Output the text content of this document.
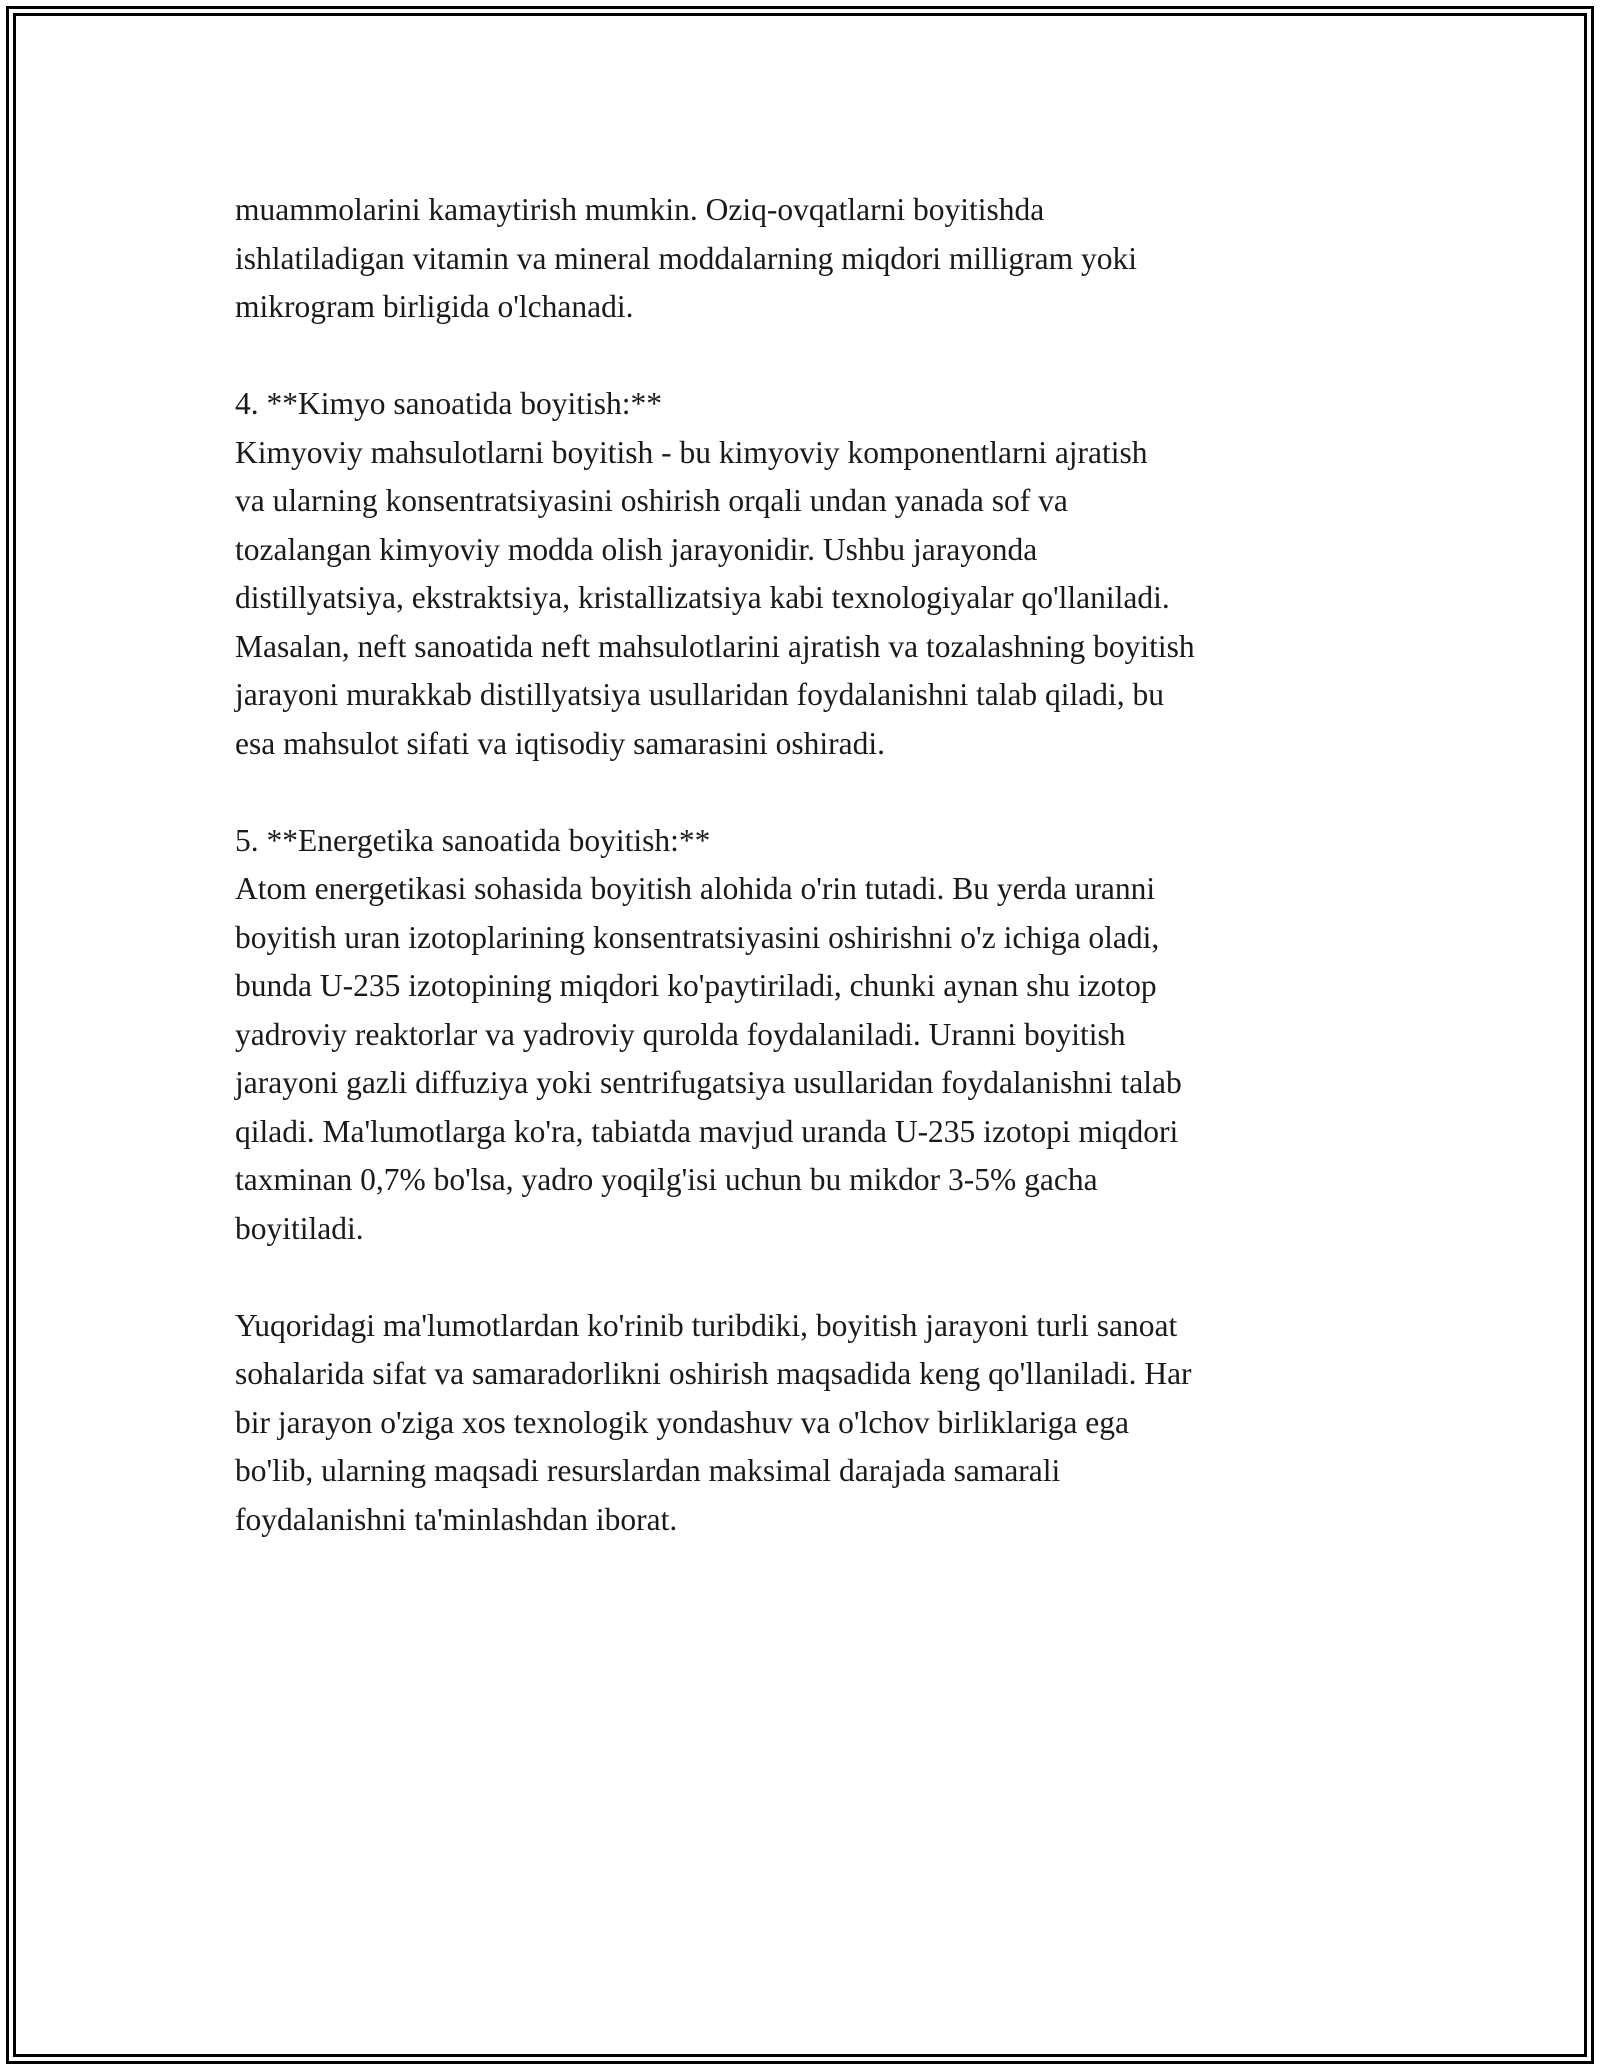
muammolarini kamaytirish mumkin. Oziq-ovqatlarni boyitishda
ishlatiladigan vitamin va mineral moddalarning miqdori milligram yoki
mikrogram birligida o'lchanadi.

4. **Kimyo sanoatida boyitish:**

Kimyoviy mahsulotlarni boyitish - bu kimyoviy komponentlarni ajratish
va ularning konsentratsiyasini oshirish orqali undan yanada sof va
tozalangan kimyoviy modda olish jarayonidir. Ushbu jarayonda
distillyatsiya, ekstraktsiya, kristallizatsiya kabi texnologiyalar qo'llaniladi.
Masalan, neft sanoatida neft mahsulotlarini ajratish va tozalashning boyitish
jarayoni murakkab distillyatsiya usullaridan foydalanishni talab qiladi, bu
esa mahsulot sifati va iqtisodiy samarasini oshiradi.

5. **Energetika sanoatida boyitish:**

Atom energetikasi sohasida boyitish alohida o'rin tutadi. Bu yerda uranni
boyitish uran izotoplarining konsentratsiyasini oshirishni o'z ichiga oladi,
bunda U-235 izotopining miqdori ko'paytiriladi, chunki aynan shu izotop
yadroviy reaktorlar va yadroviy qurolda foydalaniladi. Uranni boyitish
jarayoni gazli diffuziya yoki sentrifugatsiya usullaridan foydalanishni talab
qiladi. Ma'lumotlarga ko'ra, tabiatda mavjud uranda U-235 izotopi miqdori
taxminan 0,7% bo'lsa, yadro yoqilg'isi uchun bu mikdor 3-5% gacha
boyitiladi.

Yuqoridagi ma'lumotlardan ko'rinib turibdiki, boyitish jarayoni turli sanoat
sohalarida sifat va samaradorlikni oshirish maqsadida keng qo'llaniladi. Har
bir jarayon o'ziga xos texnologik yondashuv va o'lchov birliklariga ega
bo'lib, ularning maqsadi resurslardan maksimal darajada samarali
foydalanishni ta'minlashdan iborat.
